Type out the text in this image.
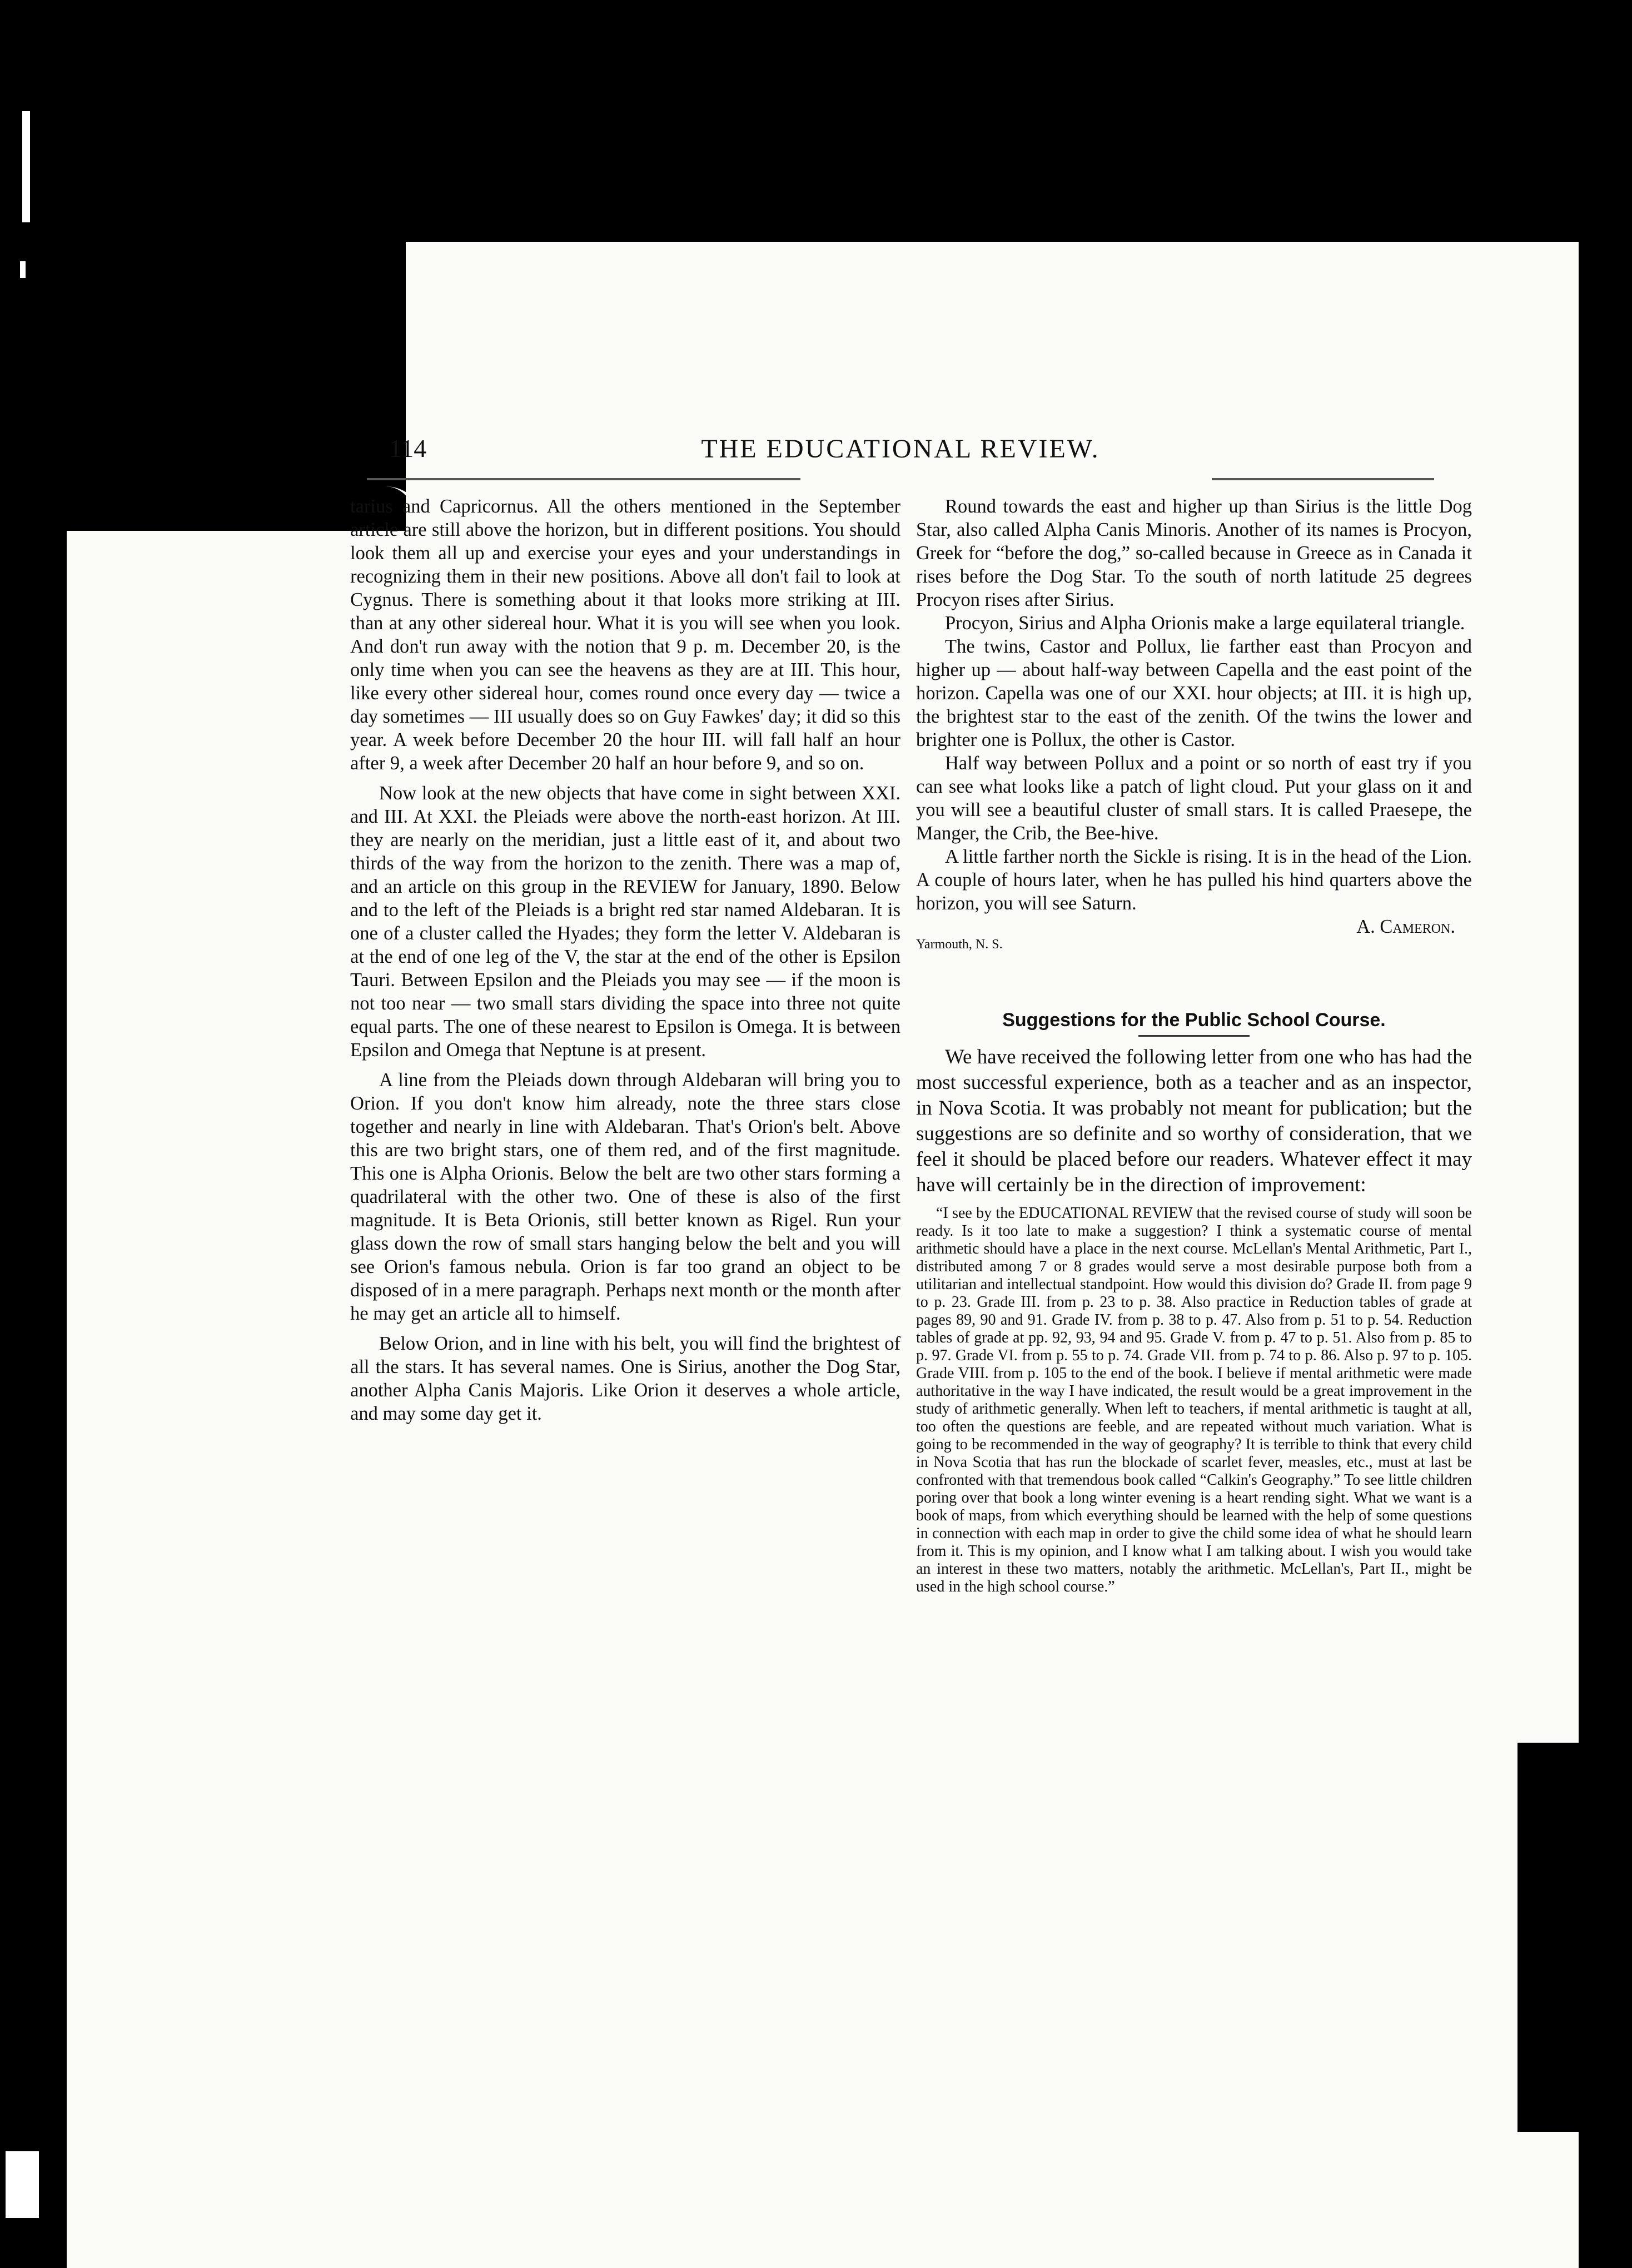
114	THE EDUCATIONAL REVIEW.

tarius and Capricornus. All the others mentioned in the September article are still above the horizon, but in different positions. You should look them all up and exercise your eyes and your understandings in recognizing them in their new positions. Above all don't fail to look at Cygnus. There is something about it that looks more striking at III. than at any other sidereal hour. What it is you will see when you look. And don't run away with the notion that 9 p. m. December 20, is the only time when you can see the heavens as they are at III. This hour, like every other sidereal hour, comes round once every day — twice a day sometimes — III usually does so on Guy Fawkes' day; it did so this year. A week before December 20 the hour III. will fall half an hour after 9, a week after December 20 half an hour before 9, and so on.

Now look at the new objects that have come in sight between XXI. and III. At XXI. the Pleiads were above the north-east horizon. At III. they are nearly on the meridian, just a little east of it, and about two thirds of the way from the horizon to the zenith. There was a map of, and an article on this group in the REVIEW for January, 1890. Below and to the left of the Pleiads is a bright red star named Aldebaran. It is one of a cluster called the Hyades; they form the letter V. Aldebaran is at the end of one leg of the V, the star at the end of the other is Epsilon Tauri. Between Epsilon and the Pleiads you may see — if the moon is not too near — two small stars dividing the space into three not quite equal parts. The one of these nearest to Epsilon is Omega. It is between Epsilon and Omega that Neptune is at present.

A line from the Pleiads down through Aldebaran will bring you to Orion. If you don't know him already, note the three stars close together and nearly in line with Aldebaran. That's Orion's belt. Above this are two bright stars, one of them red, and of the first magnitude. This one is Alpha Orionis. Below the belt are two other stars forming a quadrilateral with the other two. One of these is also of the first magnitude. It is Beta Orionis, still better known as Rigel. Run your glass down the row of small stars hanging below the belt and you will see Orion's famous nebula. Orion is far too grand an object to be disposed of in a mere paragraph. Perhaps next month or the month after he may get an article all to himself.

Below Orion, and in line with his belt, you will find the brightest of all the stars. It has several names. One is Sirius, another the Dog Star, another Alpha Canis Majoris. Like Orion it deserves a whole article, and may some day get it.

Round towards the east and higher up than Sirius is the little Dog Star, also called Alpha Canis Minoris. Another of its names is Procyon, Greek for “before the dog,” so-called because in Greece as in Canada it rises before the Dog Star. To the south of north latitude 25 degrees Procyon rises after Sirius.

Procyon, Sirius and Alpha Orionis make a large equilateral triangle.

The twins, Castor and Pollux, lie farther east than Procyon and higher up — about half-way between Capella and the east point of the horizon. Capella was one of our XXI. hour objects; at III. it is high up, the brightest star to the east of the zenith. Of the twins the lower and brighter one is Pollux, the other is Castor.

Half way between Pollux and a point or so north of east try if you can see what looks like a patch of light cloud. Put your glass on it and you will see a beautiful cluster of small stars. It is called Praesepe, the Manger, the Crib, the Bee-hive.

A little farther north the Sickle is rising. It is in the head of the Lion. A couple of hours later, when he has pulled his hind quarters above the horizon, you will see Saturn.

A. Cameron.
Yarmouth, N. S.
Suggestions for the Public School Course.

We have received the following letter from one who has had the most successful experience, both as a teacher and as an inspector, in Nova Scotia. It was probably not meant for publication; but the suggestions are so definite and so worthy of consideration, that we feel it should be placed before our readers. Whatever effect it may have will certainly be in the direction of improvement:

“I see by the EDUCATIONAL REVIEW that the revised course of study will soon be ready. Is it too late to make a suggestion? I think a systematic course of mental arithmetic should have a place in the next course. McLellan's Mental Arithmetic, Part I., distributed among 7 or 8 grades would serve a most desirable purpose both from a utilitarian and intellectual standpoint. How would this division do? Grade II. from page 9 to p. 23. Grade III. from p. 23 to p. 38. Also practice in Reduction tables of grade at pages 89, 90 and 91. Grade IV. from p. 38 to p. 47. Also from p. 51 to p. 54. Reduction tables of grade at pp. 92, 93, 94 and 95. Grade V. from p. 47 to p. 51. Also from p. 85 to p. 97. Grade VI. from p. 55 to p. 74. Grade VII. from p. 74 to p. 86. Also p. 97 to p. 105. Grade VIII. from p. 105 to the end of the book. I believe if mental arithmetic were made authoritative in the way I have indicated, the result would be a great improvement in the study of arithmetic generally. When left to teachers, if mental arithmetic is taught at all, too often the questions are feeble, and are repeated without much variation. What is going to be recommended in the way of geography? It is terrible to think that every child in Nova Scotia that has run the blockade of scarlet fever, measles, etc., must at last be confronted with that tremendous book called “Calkin's Geography.” To see little children poring over that book a long winter evening is a heart rending sight. What we want is a book of maps, from which everything should be learned with the help of some questions in connection with each map in order to give the child some idea of what he should learn from it. This is my opinion, and I know what I am talking about. I wish you would take an interest in these two matters, notably the arithmetic. McLellan's, Part II., might be used in the high school course.”
